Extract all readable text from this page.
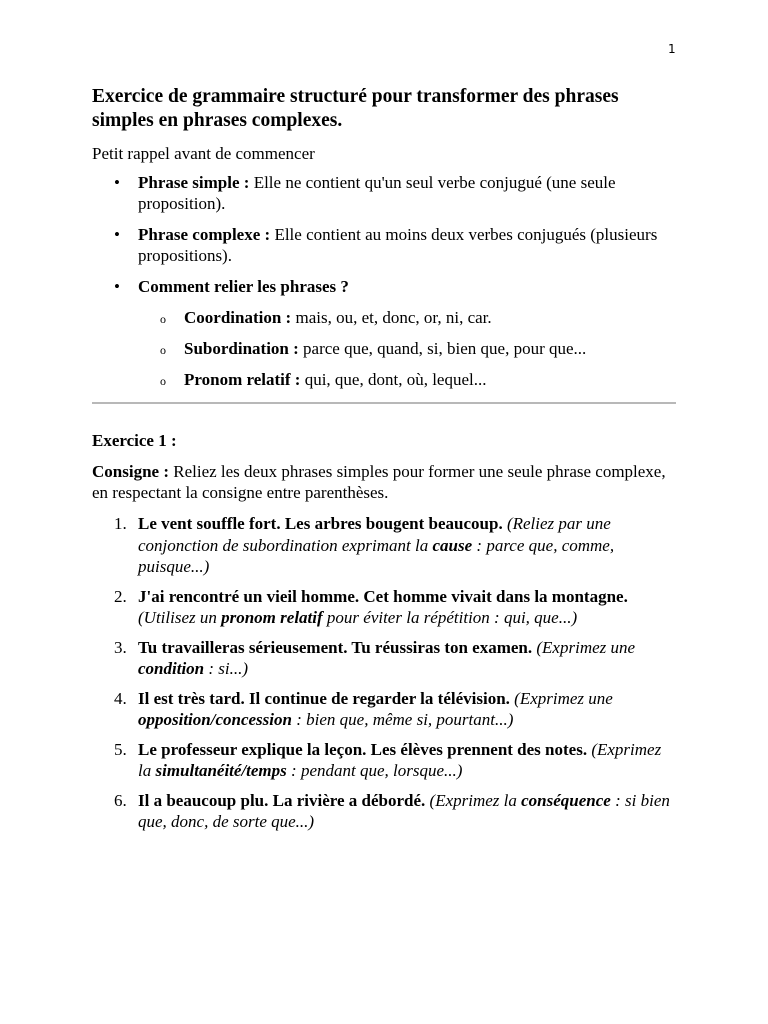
1
Exercice de grammaire structuré pour transformer des phrases simples en phrases complexes.

Petit rappel avant de commencer

• Phrase simple : Elle ne contient qu'un seul verbe conjugué (une seule proposition).
• Phrase complexe : Elle contient au moins deux verbes conjugués (plusieurs propositions).
• Comment relier les phrases ?
o Coordination : mais, ou, et, donc, or, ni, car.
o Subordination : parce que, quand, si, bien que, pour que...
o Pronom relatif : qui, que, dont, où, lequel...

Exercice 1 :

Consigne : Reliez les deux phrases simples pour former une seule phrase complexe, en respectant la consigne entre parenthèses.

1. Le vent souffle fort. Les arbres bougent beaucoup. (Reliez par une conjonction de subordination exprimant la cause : parce que, comme, puisque...)
2. J'ai rencontré un vieil homme. Cet homme vivait dans la montagne. (Utilisez un pronom relatif pour éviter la répétition : qui, que...)
3. Tu travailleras sérieusement. Tu réussiras ton examen. (Exprimez une condition : si...)
4. Il est très tard. Il continue de regarder la télévision. (Exprimez une opposition/concession : bien que, même si, pourtant...)
5. Le professeur explique la leçon. Les élèves prennent des notes. (Exprimez la simultanéité/temps : pendant que, lorsque...)
6. Il a beaucoup plu. La rivière a débordé. (Exprimez la conséquence : si bien que, donc, de sorte que...)
